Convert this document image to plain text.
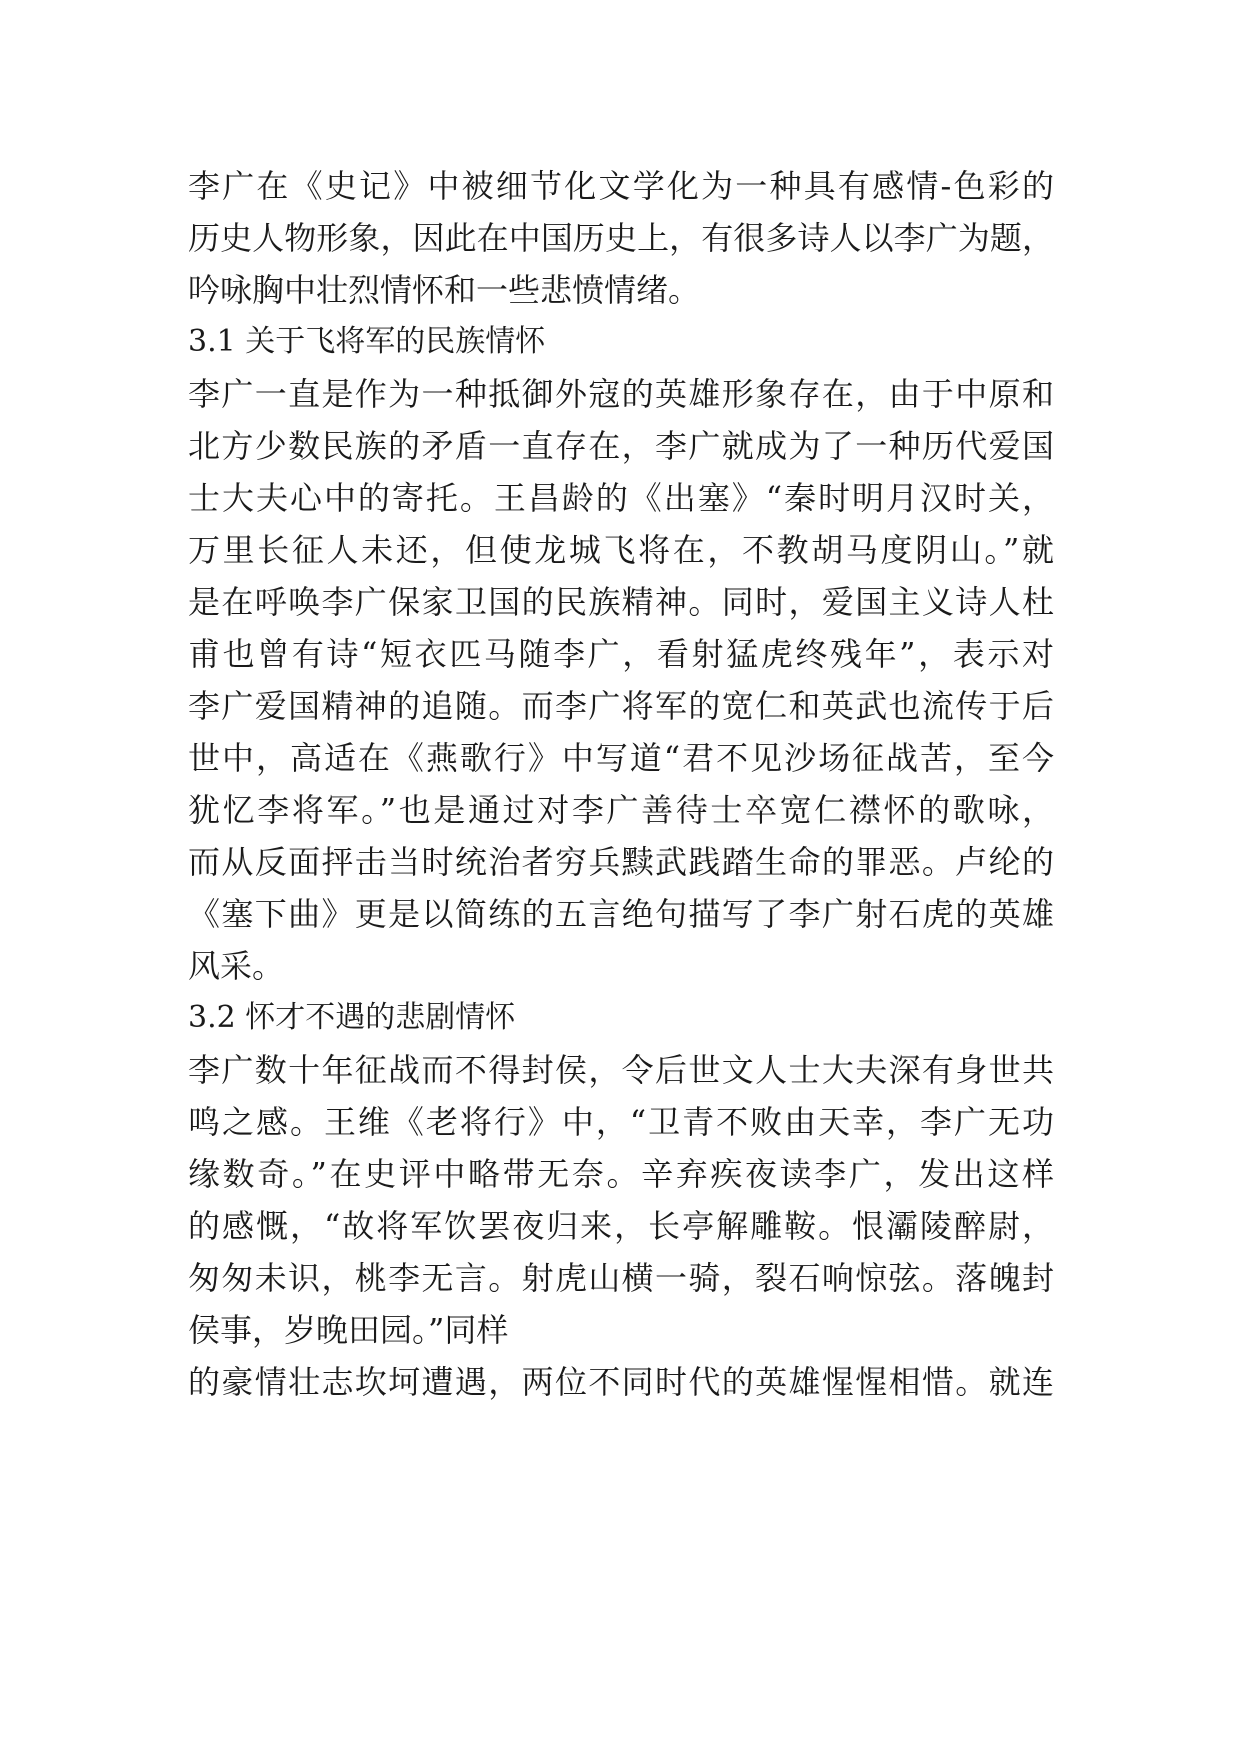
李广在《史记》中被细节化文学化为一种具有感情-色彩的
历史人物形象，因此在中国历史上，有很多诗人以李广为题，
吟咏胸中壮烈情怀和一些悲愤情绪。
3.1 关于飞将军的民族情怀
李广一直是作为一种抵御外寇的英雄形象存在，由于中原和
北方少数民族的矛盾一直存在，李广就成为了一种历代爱国
士大夫心中的寄托。王昌龄的《出塞》“秦时明月汉时关，
万里长征人未还，但使龙城飞将在，不教胡马度阴山。”就
是在呼唤李广保家卫国的民族精神。同时，爱国主义诗人杜
甫也曾有诗“短衣匹马随李广，看射猛虎终残年”，表示对
李广爱国精神的追随。而李广将军的宽仁和英武也流传于后
世中，高适在《燕歌行》中写道“君不见沙场征战苦，至今
犹忆李将军。”也是通过对李广善待士卒宽仁襟怀的歌咏，
而从反面抨击当时统治者穷兵黩武践踏生命的罪恶。卢纶的
《塞下曲》更是以简练的五言绝句描写了李广射石虎的英雄
风采。
3.2 怀才不遇的悲剧情怀
李广数十年征战而不得封侯，令后世文人士大夫深有身世共
鸣之感。王维《老将行》中，“卫青不败由天幸，李广无功
缘数奇。”在史评中略带无奈。辛弃疾夜读李广，发出这样
的感慨，“故将军饮罢夜归来，长亭解雕鞍。恨灞陵醉尉，
匆匆未识，桃李无言。射虎山横一骑，裂石响惊弦。落魄封
侯事，岁晚田园。”同样
的豪情壮志坎坷遭遇，两位不同时代的英雄惺惺相惜。就连
